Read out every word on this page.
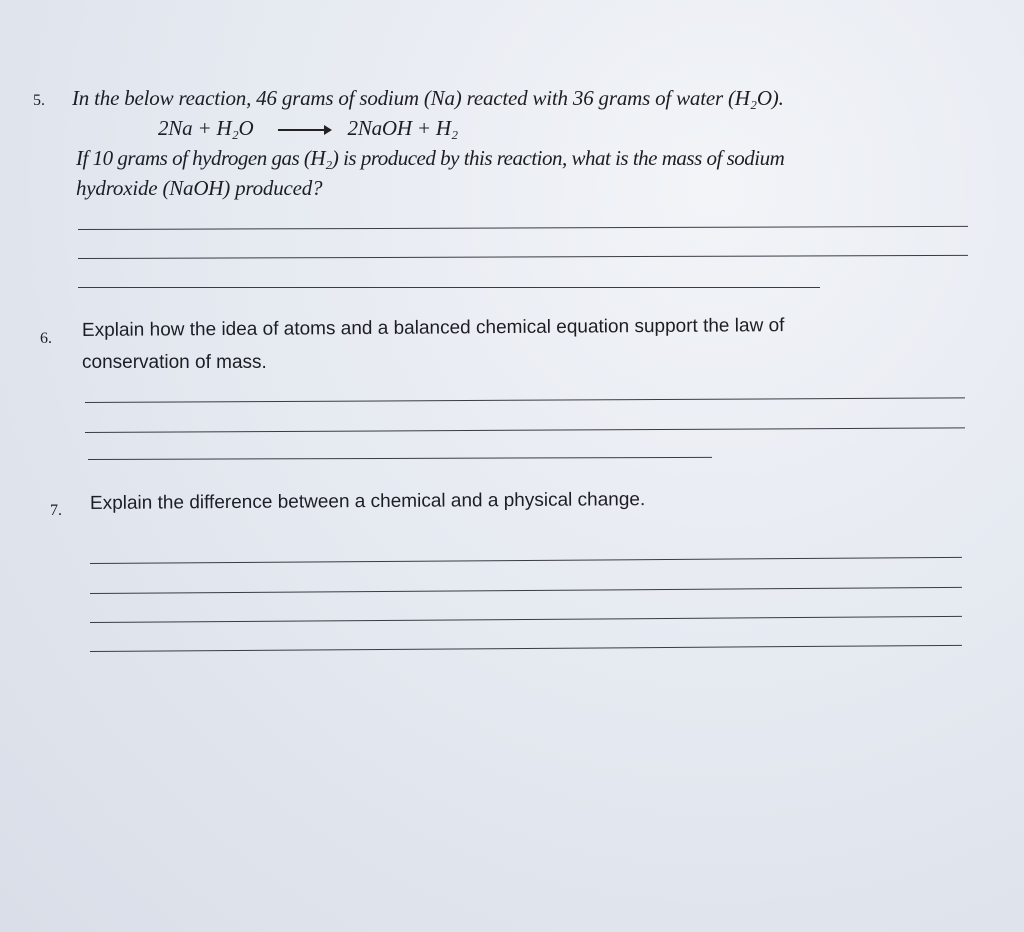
5. In the below reaction, 46 grams of sodium (Na) reacted with 36 grams of water (H₂O).
2Na + H₂O	2NaOH + H₂
If 10 grams of hydrogen gas (H₂) is produced by this reaction, what is the mass of sodium
hydroxide (NaOH) produced?
6. Explain how the idea of atoms and a balanced chemical equation support the law of
conservation of mass.
7. Explain the difference between a chemical and a physical change.
